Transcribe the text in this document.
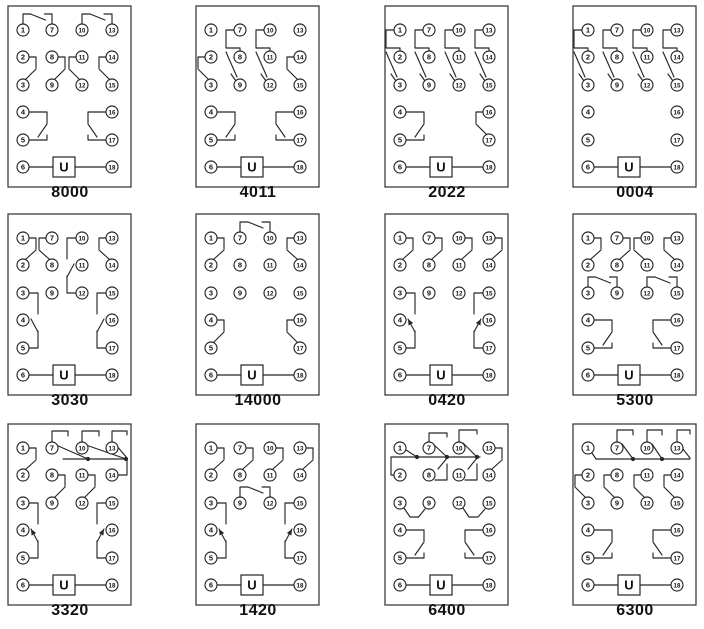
U
1
2
3
4
5
6
7
8
9
10
11
12
13
14
15
16
17
18
8000
U
1
2
3
4
5
6
7
8
9
10
11
12
13
14
15
16
17
18
4011
U
1
2
3
4
5
6
7
8
9
10
11
12
13
14
15
16
17
18
2022
U
1
2
3
4
5
6
7
8
9
10
11
12
13
14
15
16
17
18
0004
U
1
2
3
4
5
6
7
8
9
10
11
12
13
14
15
16
17
18
3030
U
1
2
3
4
5
6
7
8
9
10
11
12
13
14
15
16
17
18
14000
U
1
2
3
4
5
6
7
8
9
10
11
12
13
14
15
16
17
18
0420
U
1
2
3
4
5
6
7
8
9
10
11
12
13
14
15
16
17
18
5300
U
1
2
3
4
5
6
7
8
9
10
11
12
13
14
15
16
17
18
3320
U
1
2
3
4
5
6
7
8
9
10
11
12
13
14
15
16
17
18
1420
U
1
2
3
4
5
6
7
8
9
10
11
12
13
14
15
16
17
18
6400
U
1
2
3
4
5
6
7
8
9
10
11
12
13
14
15
16
17
18
6300
